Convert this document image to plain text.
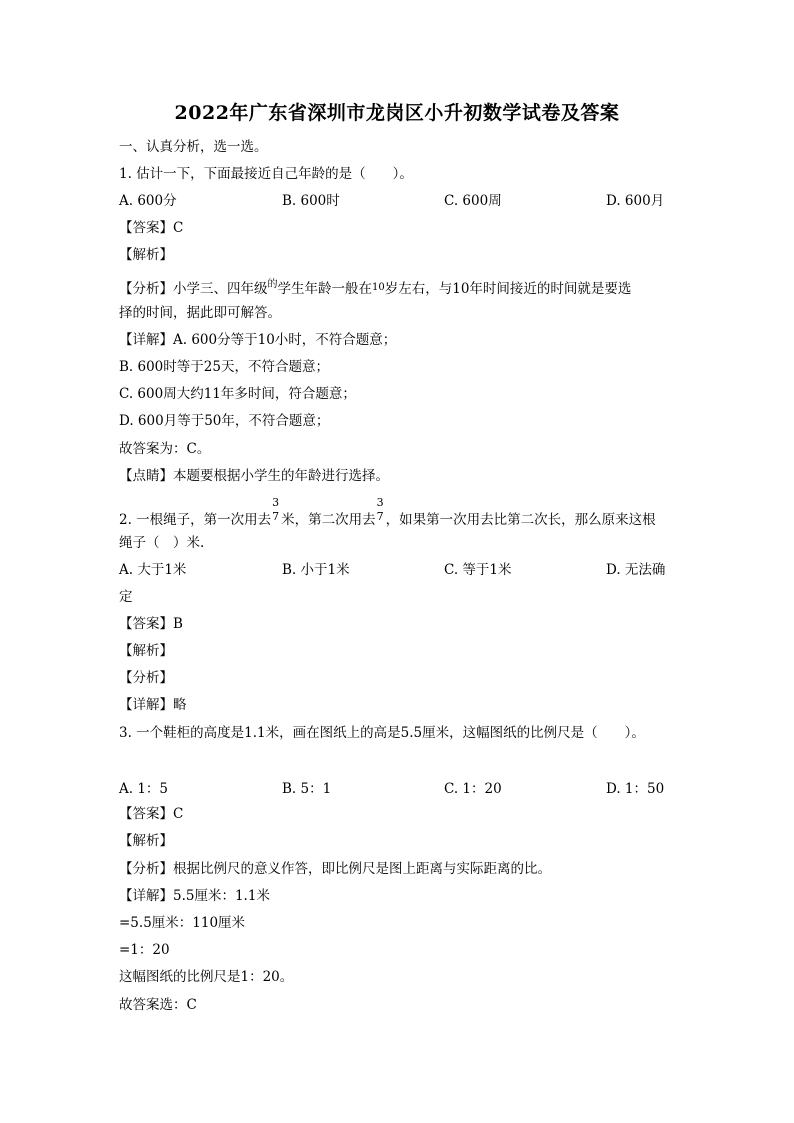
2022年广东省深圳市龙岗区小升初数学试卷及答案
一、认真分析，选一选。
1. 估计一下，下面最接近自己年龄的是（　　）。
A. 600分	B. 600时	C. 600周	D. 600月
【答案】C
【解析】
【分析】小学三、四年级$^的$学生年龄一般在$^{10}$岁左右，与10年时间接近的时间就是要选
择的时间，据此即可解答。
【详解】A. 600分等于10小时，不符合题意；
B. 600时等于25天，不符合题意；
C. 600周大约11年多时间，符合题意；
D. 600月等于50年，不符合题意；
故答案为：C。
【点睛】本题要根据小学生的年龄进行选择。
2. 一根绳子，第一次用去
3
7 米，第二次用去
3
7 ，如果第一次用去比第二次长，那么原来这根
绳子（　）米.
A. 大于1米	B. 小于1米	C. 等于1米	D. 无法确
定
【答案】B
【解析】
【分析】
【详解】略
3. 一个鞋柜的高度是1.1米，画在图纸上的高是5.5厘米，这幅图纸的比例尺是（　　）。
A. 1：5	B. 5：1	C. 1：20	D. 1：50
【答案】C
【解析】
【分析】根据比例尺的意义作答，即比例尺是图上距离与实际距离的比。
【详解】5.5厘米：1.1米
=5.5厘米：110厘米
=1：20
这幅图纸的比例尺是1：20。
故答案选：C
